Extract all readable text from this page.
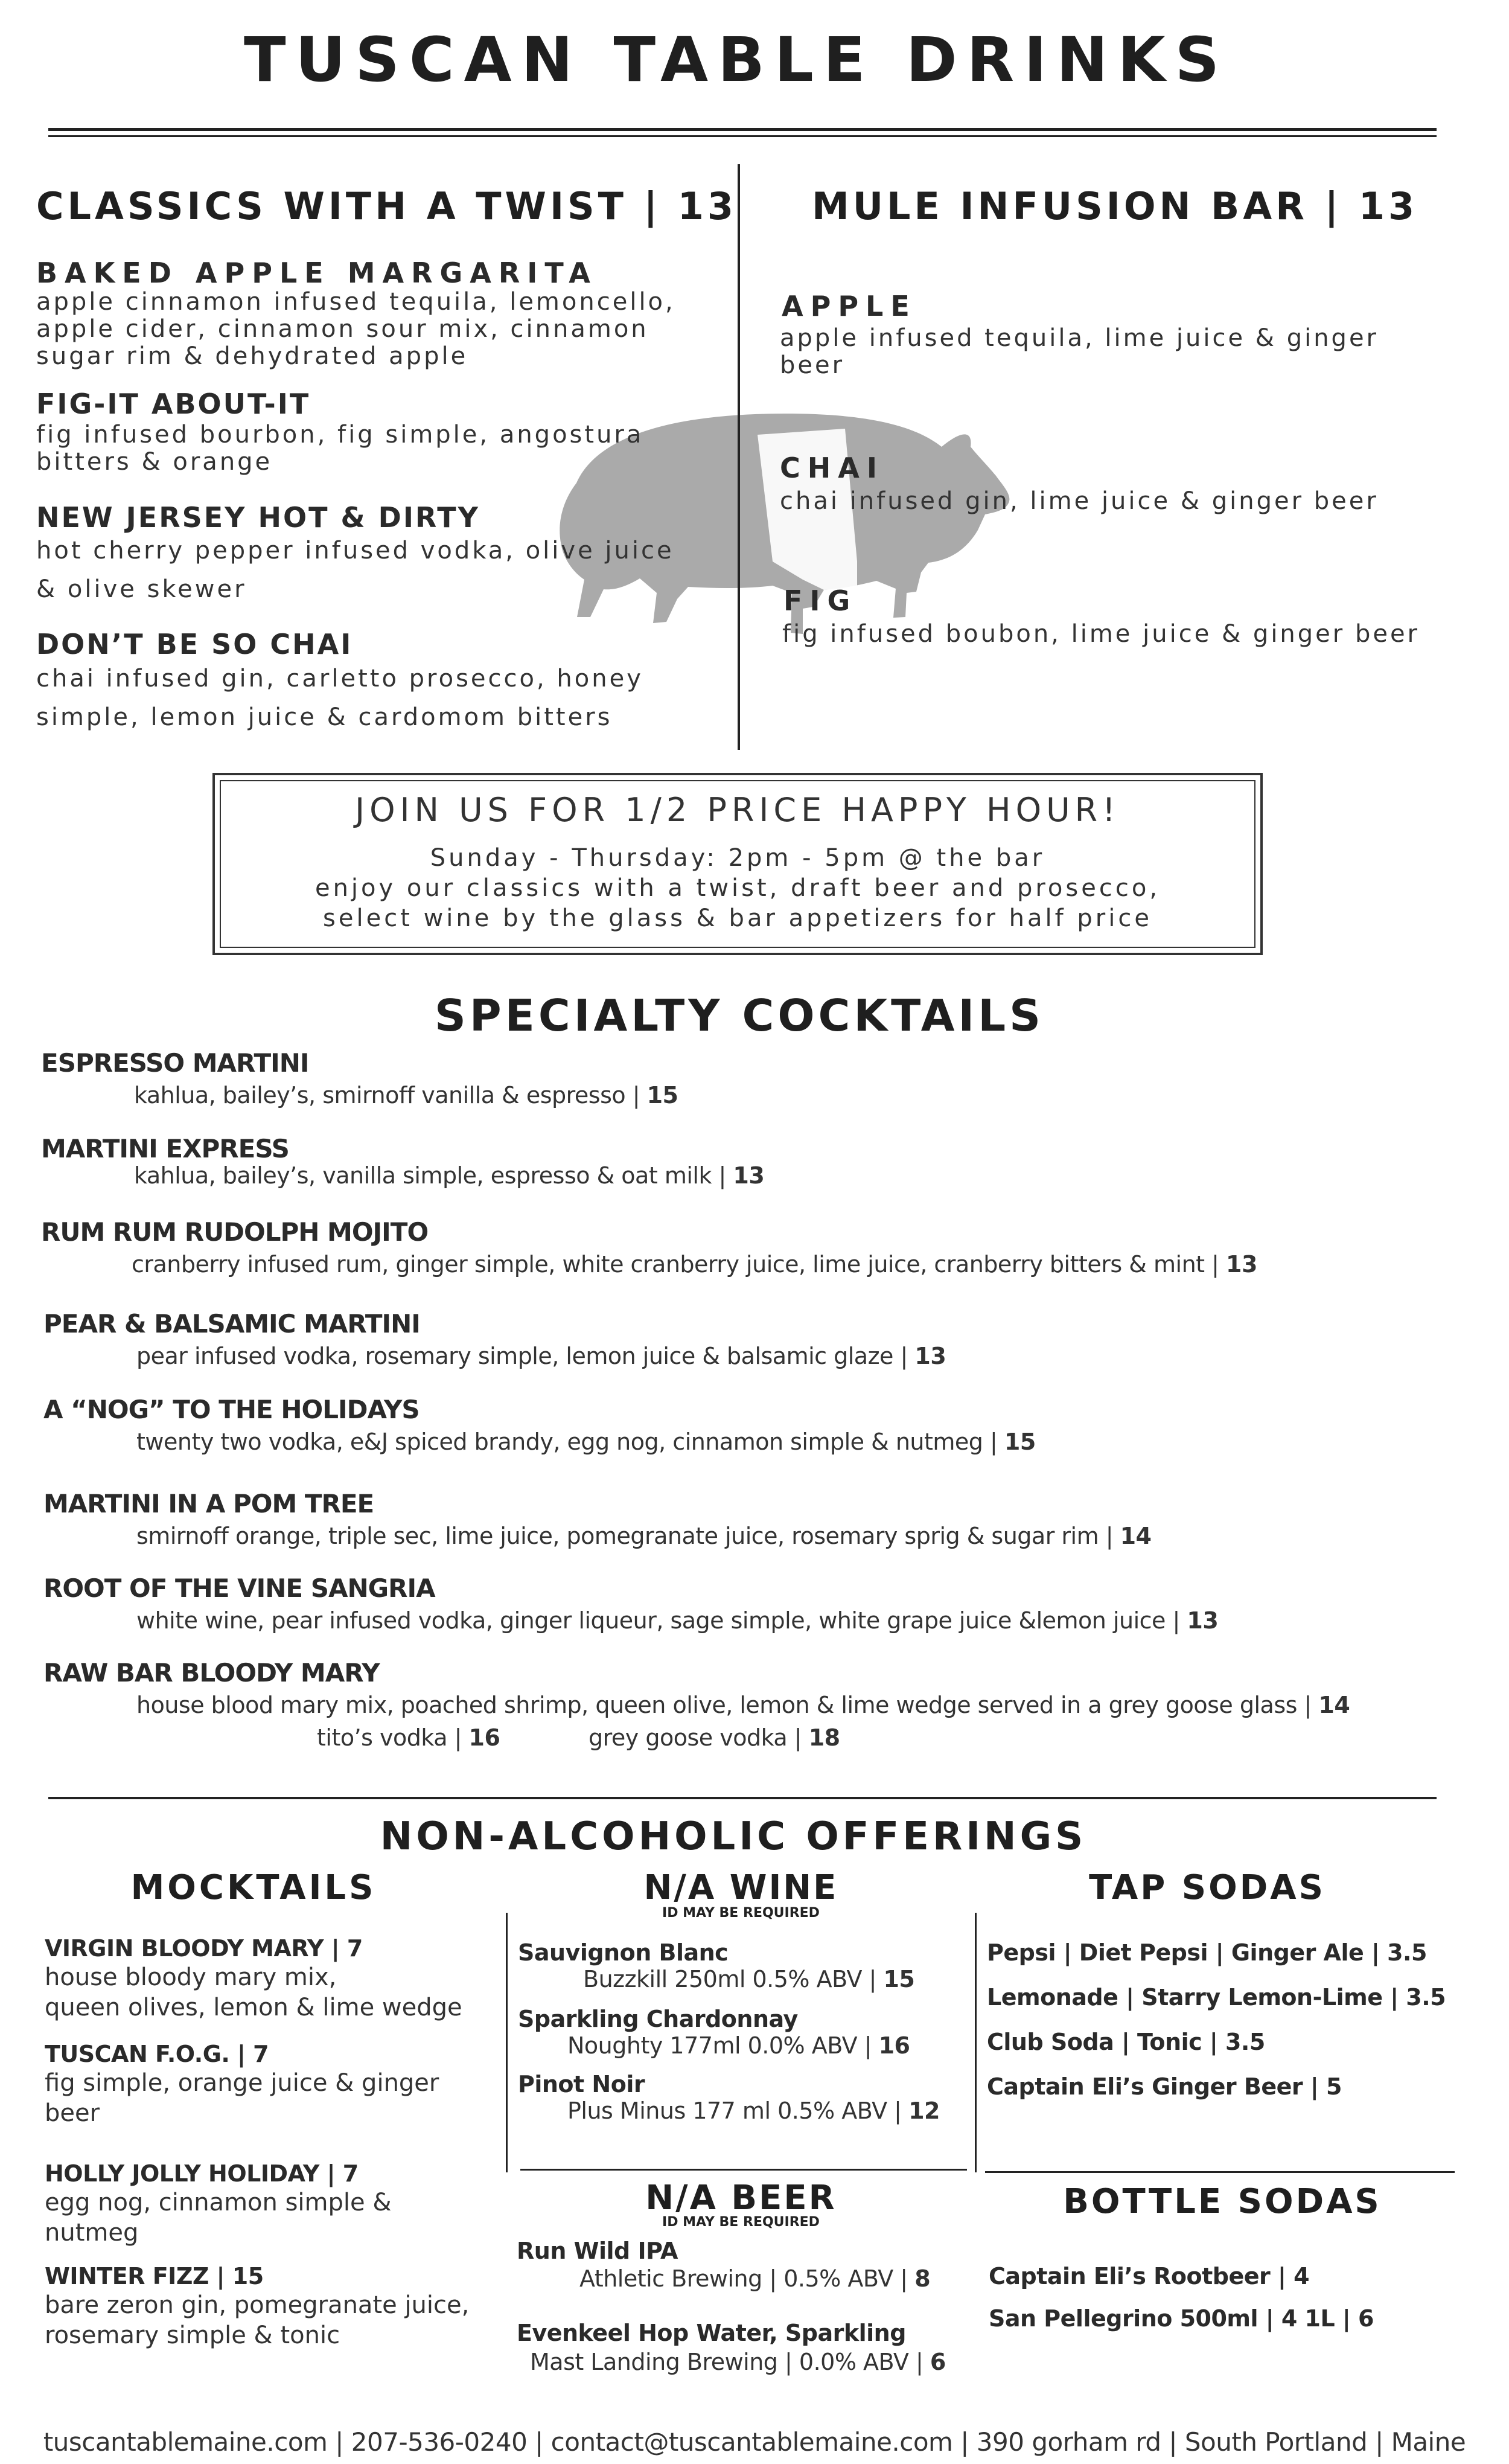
TUSCAN TABLE DRINKS
CLASSICS WITH A TWIST | 13
BAKED APPLE MARGARITA
apple cinnamon infused tequila, lemoncello,
apple cider, cinnamon sour mix, cinnamon
sugar rim & dehydrated apple
FIG-IT ABOUT-IT
fig infused bourbon, fig simple, angostura
bitters & orange
NEW JERSEY HOT & DIRTY
hot cherry pepper infused vodka, olive juice
& olive skewer
DON’T BE SO CHAI
chai infused gin, carletto prosecco, honey
simple, lemon juice & cardomom bitters
MULE INFUSION BAR | 13
APPLE
apple infused tequila, lime juice & ginger
beer
CHAI
chai infused gin, lime juice & ginger beer
FIG
fig infused boubon, lime juice & ginger beer
JOIN US FOR 1/2 PRICE HAPPY HOUR!
Sunday - Thursday: 2pm - 5pm @ the bar
enjoy our classics with a twist, draft beer and prosecco,
select wine by the glass & bar appetizers for half price
SPECIALTY COCKTAILS
ESPRESSO MARTINI
kahlua, bailey’s, smirnoff vanilla & espresso | 15
MARTINI EXPRESS
kahlua, bailey’s, vanilla simple, espresso & oat milk | 13
RUM RUM RUDOLPH MOJITO
cranberry infused rum, ginger simple, white cranberry juice, lime juice, cranberry bitters & mint | 13
PEAR & BALSAMIC MARTINI
pear infused vodka, rosemary simple, lemon juice & balsamic glaze | 13
A “NOG” TO THE HOLIDAYS
twenty two vodka, e&J spiced brandy, egg nog, cinnamon simple & nutmeg | 15
MARTINI IN A POM TREE
smirnoff orange, triple sec, lime juice, pomegranate juice, rosemary sprig & sugar rim | 14
ROOT OF THE VINE SANGRIA
white wine, pear infused vodka, ginger liqueur, sage simple, white grape juice &lemon juice | 13
RAW BAR BLOODY MARY
house blood mary mix, poached shrimp, queen olive, lemon & lime wedge served in a grey goose glass | 14
tito’s vodka | 16	grey goose vodka | 18
NON-ALCOHOLIC OFFERINGS
MOCKTAILS
VIRGIN BLOODY MARY | 7
house bloody mary mix,
queen olives, lemon & lime wedge
TUSCAN F.O.G. | 7
fig simple, orange juice & ginger
beer
HOLLY JOLLY HOLIDAY | 7
egg nog, cinnamon simple &
nutmeg
WINTER FIZZ | 15
bare zeron gin, pomegranate juice,
rosemary simple & tonic
N/A WINE
ID MAY BE REQUIRED
Sauvignon Blanc
Buzzkill 250ml 0.5% ABV | 15
Sparkling Chardonnay
Noughty 177ml 0.0% ABV | 16
Pinot Noir
Plus Minus 177 ml 0.5% ABV | 12
N/A BEER
ID MAY BE REQUIRED
Run Wild IPA
Athletic Brewing | 0.5% ABV | 8
Evenkeel Hop Water, Sparkling
Mast Landing Brewing | 0.0% ABV | 6
TAP SODAS
Pepsi | Diet Pepsi | Ginger Ale | 3.5
Lemonade | Starry Lemon-Lime | 3.5
Club Soda | Tonic | 3.5
Captain Eli’s Ginger Beer | 5
BOTTLE SODAS
Captain Eli’s Rootbeer | 4
San Pellegrino 500ml | 4 1L | 6
tuscantablemaine.com | 207-536-0240 | contact@tuscantablemaine.com | 390 gorham rd | South Portland | Maine
